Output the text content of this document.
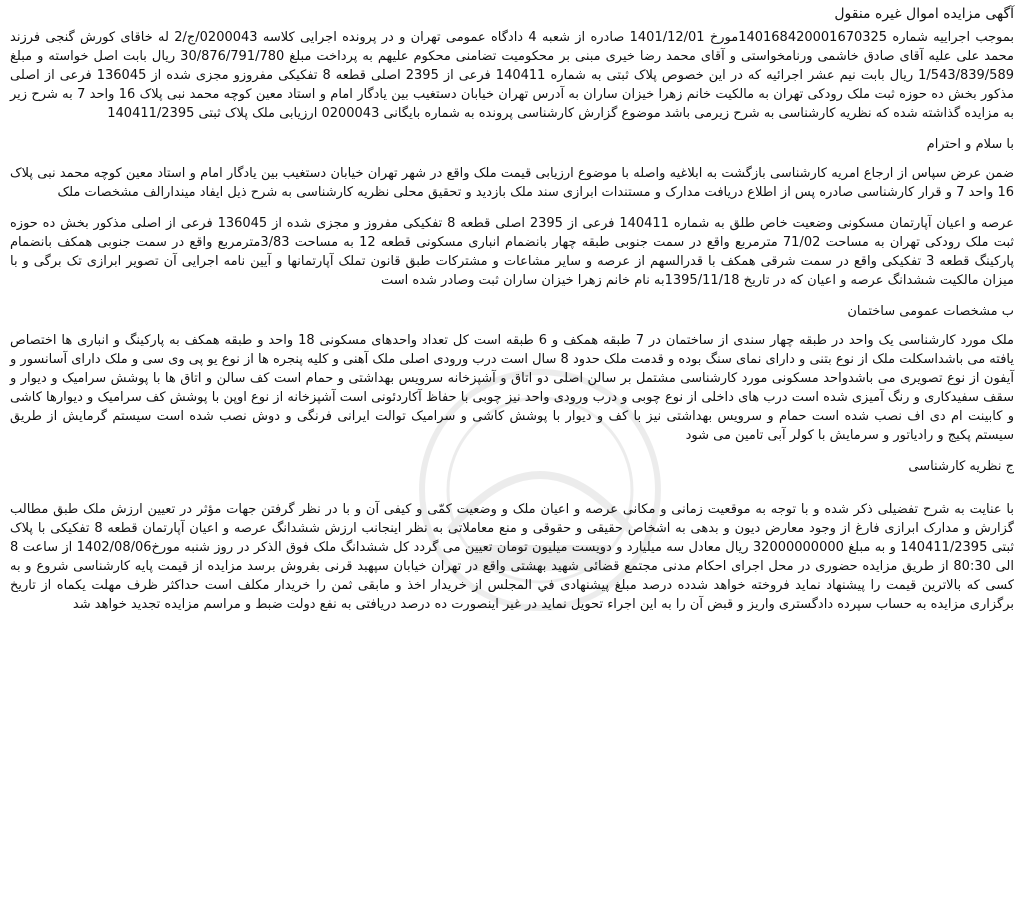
آگهی مزایده اموال غیره منقول
بموجب اجراییه شماره 140168420001670325مورخ 1401/12/01 صادره از شعبه 4 دادگاه عمومی تهران و در پرونده اجرایی کلاسه 0200043/ج/2 له خاقای کورش گنجی فرزند محمد علی علیه آقای صادق خاشمی ورنامخواستی و آقای محمد رضا خیری مبنی بر محکومیت تضامنی محکوم علیهم به پرداخت مبلغ 30/876/791/780 ریال بابت اصل خواسته و مبلغ 1/543/839/589 ریال بابت نیم عشر اجرائیه که در این خصوص پلاک ثبتی به شماره 140411 فرعی از 2395 اصلی قطعه 8 تفکیکی مفروزو مجزی شده از 136045 فرعی از اصلی مذکور بخش ده حوزه ثبت ملک رودکی تهران به مالکیت خانم زهرا خیزان ساران به آدرس تهران خیابان دستغیب بین یادگار امام و استاد معین کوچه محمد نبی پلاک 16 واحد 7 به شرح زیر به مزایده گذاشته شده که نظریه کارشناسی به شرح زیرمی باشد موضوع گزارش کارشناسی پرونده به شماره بایگانی 0200043 ارزیابی ملک پلاک ثبتی 140411/2395
با سلام و احترام
ضمن عرض سپاس از ارجاع امریه کارشناسی بازگشت به ابلاغیه واصله با موضوع ارزیابی قیمت ملک واقع در شهر تهران خیابان دستغیب بین یادگار امام و استاد معین کوچه محمد نبی پلاک 16 واحد 7 و قرار کارشناسی صادره پس از اطلاع دریافت مدارک و مستندات ابرازی سند ملک بازدید و تحقیق محلی نظریه کارشناسی به شرح ذیل ایفاد میندارالف مشخصات ملک
عرصه و اعیان آپارتمان مسکونی وضعیت خاص طلق به شماره 140411 فرعی از 2395 اصلی قطعه 8 تفکیکی مفروز و مجزی شده از 136045 فرعی از اصلی مذکور بخش ده حوزه ثبت ملک رودکی تهران به مساحت 71/02 مترمربع واقع در سمت جنوبی طبقه چهار بانضمام انباری مسکونی قطعه 12 به مساحت 3/83مترمربع واقع در سمت جنوبی همکف بانضمام پارکینگ قطعه 3 تفکیکی واقع در سمت شرقی همکف با قدرالسهم از عرصه و سایر مشاعات و مشترکات طبق قانون تملک آپارتمانها و آیین نامه اجرایی آن تصویر ابرازی تک برگی و با میزان مالکیت ششدانگ عرصه و اعیان که در تاریخ 1395/11/18به نام خانم زهرا خیزان ساران ثبت وصادر شده است
ب مشخصات عمومی ساختمان
ملک مورد کارشناسی یک واحد در طبقه چهار سندی از ساختمان در 7 طبقه همکف و 6 طبقه است کل تعداد واحدهای مسکونی 18 واحد و طبقه همکف به پارکینگ و انباری ها اختصاص یافته می باشداسکلت ملک از نوع بتنی و دارای نمای سنگ بوده و قدمت ملک حدود 8 سال است درب ورودی اصلی ملک آهنی و کلیه پنجره ها از نوع یو پی وی سی و ملک دارای آسانسور و آیفون از نوع تصویری می باشدواحد مسکونی مورد کارشناسی مشتمل بر سالن اصلی دو اتاق و آشپزخانه سرویس بهداشتی و حمام است کف سالن و اتاق ها با پوشش سرامیک و دیوار و سقف سفیدکاری و رنگ آمیزی شده است درب های داخلی از نوع چوبی و درب ورودی واحد نیز چوبی با حفاظ آکاردئونی است آشپزخانه از نوع اوپن با پوشش کف سرامیک و دیوارها کاشی و کابینت ام دی اف نصب شده است حمام و سرویس بهداشتی نیز با کف و دیوار با پوشش کاشی و سرامیک توالت ایرانی فرنگی و دوش نصب شده است سیستم گرمایش از طریق سیستم پکیج و رادیاتور و سرمایش با کولر آبی تامین می شود
ج نظریه کارشناسی
با عنایت به شرح تفضیلی ذکر شده و با توجه به موقعیت زمانی و مکانی عرصه و اعیان ملک و وضعیت کمّی و کیفی آن و با در نظر گرفتن جهات مؤثر در تعیین ارزش ملک طبق مطالب گزارش و مدارک ابرازی فارغ از وجود معارض دیون و بدهی به اشخاص حقیقی و حقوقی و منع معاملاتی به نظر اینجانب ارزش ششدانگ عرصه و اعیان آپارتمان قطعه 8 تفکیکی با پلاک ثبتی 140411/2395 و به مبلغ 32000000000 ریال معادل سه میلیارد و دویست میلیون تومان تعیین می گردد کل ششدانگ ملک فوق الذکر در روز شنبه مورخ1402/08/06 از ساعت 8 الی 80:30 از طریق مزایده حضوری در محل اجرای احکام مدنی مجتمع قضائی شهید بهشتی واقع در تهران خیابان سپهبد قرنی بفروش برسد مزایده از قیمت پایه کارشناسی شروع و به کسی که بالاترین قیمت را پیشنهاد نماید فروخته خواهد شدده درصد مبلغ پیشنهادی في المجلس از خریدار اخذ و مابقی ثمن را خریدار مکلف است حداکثر ظرف مهلت یکماه از تاریخ برگزاری مزایده به حساب سپرده دادگستری واریز و قبض آن را به این اجراء تحویل نماید در غیر اینصورت ده درصد دریافتی به نفع دولت ضبط و مراسم مزایده تجدید خواهد شد
